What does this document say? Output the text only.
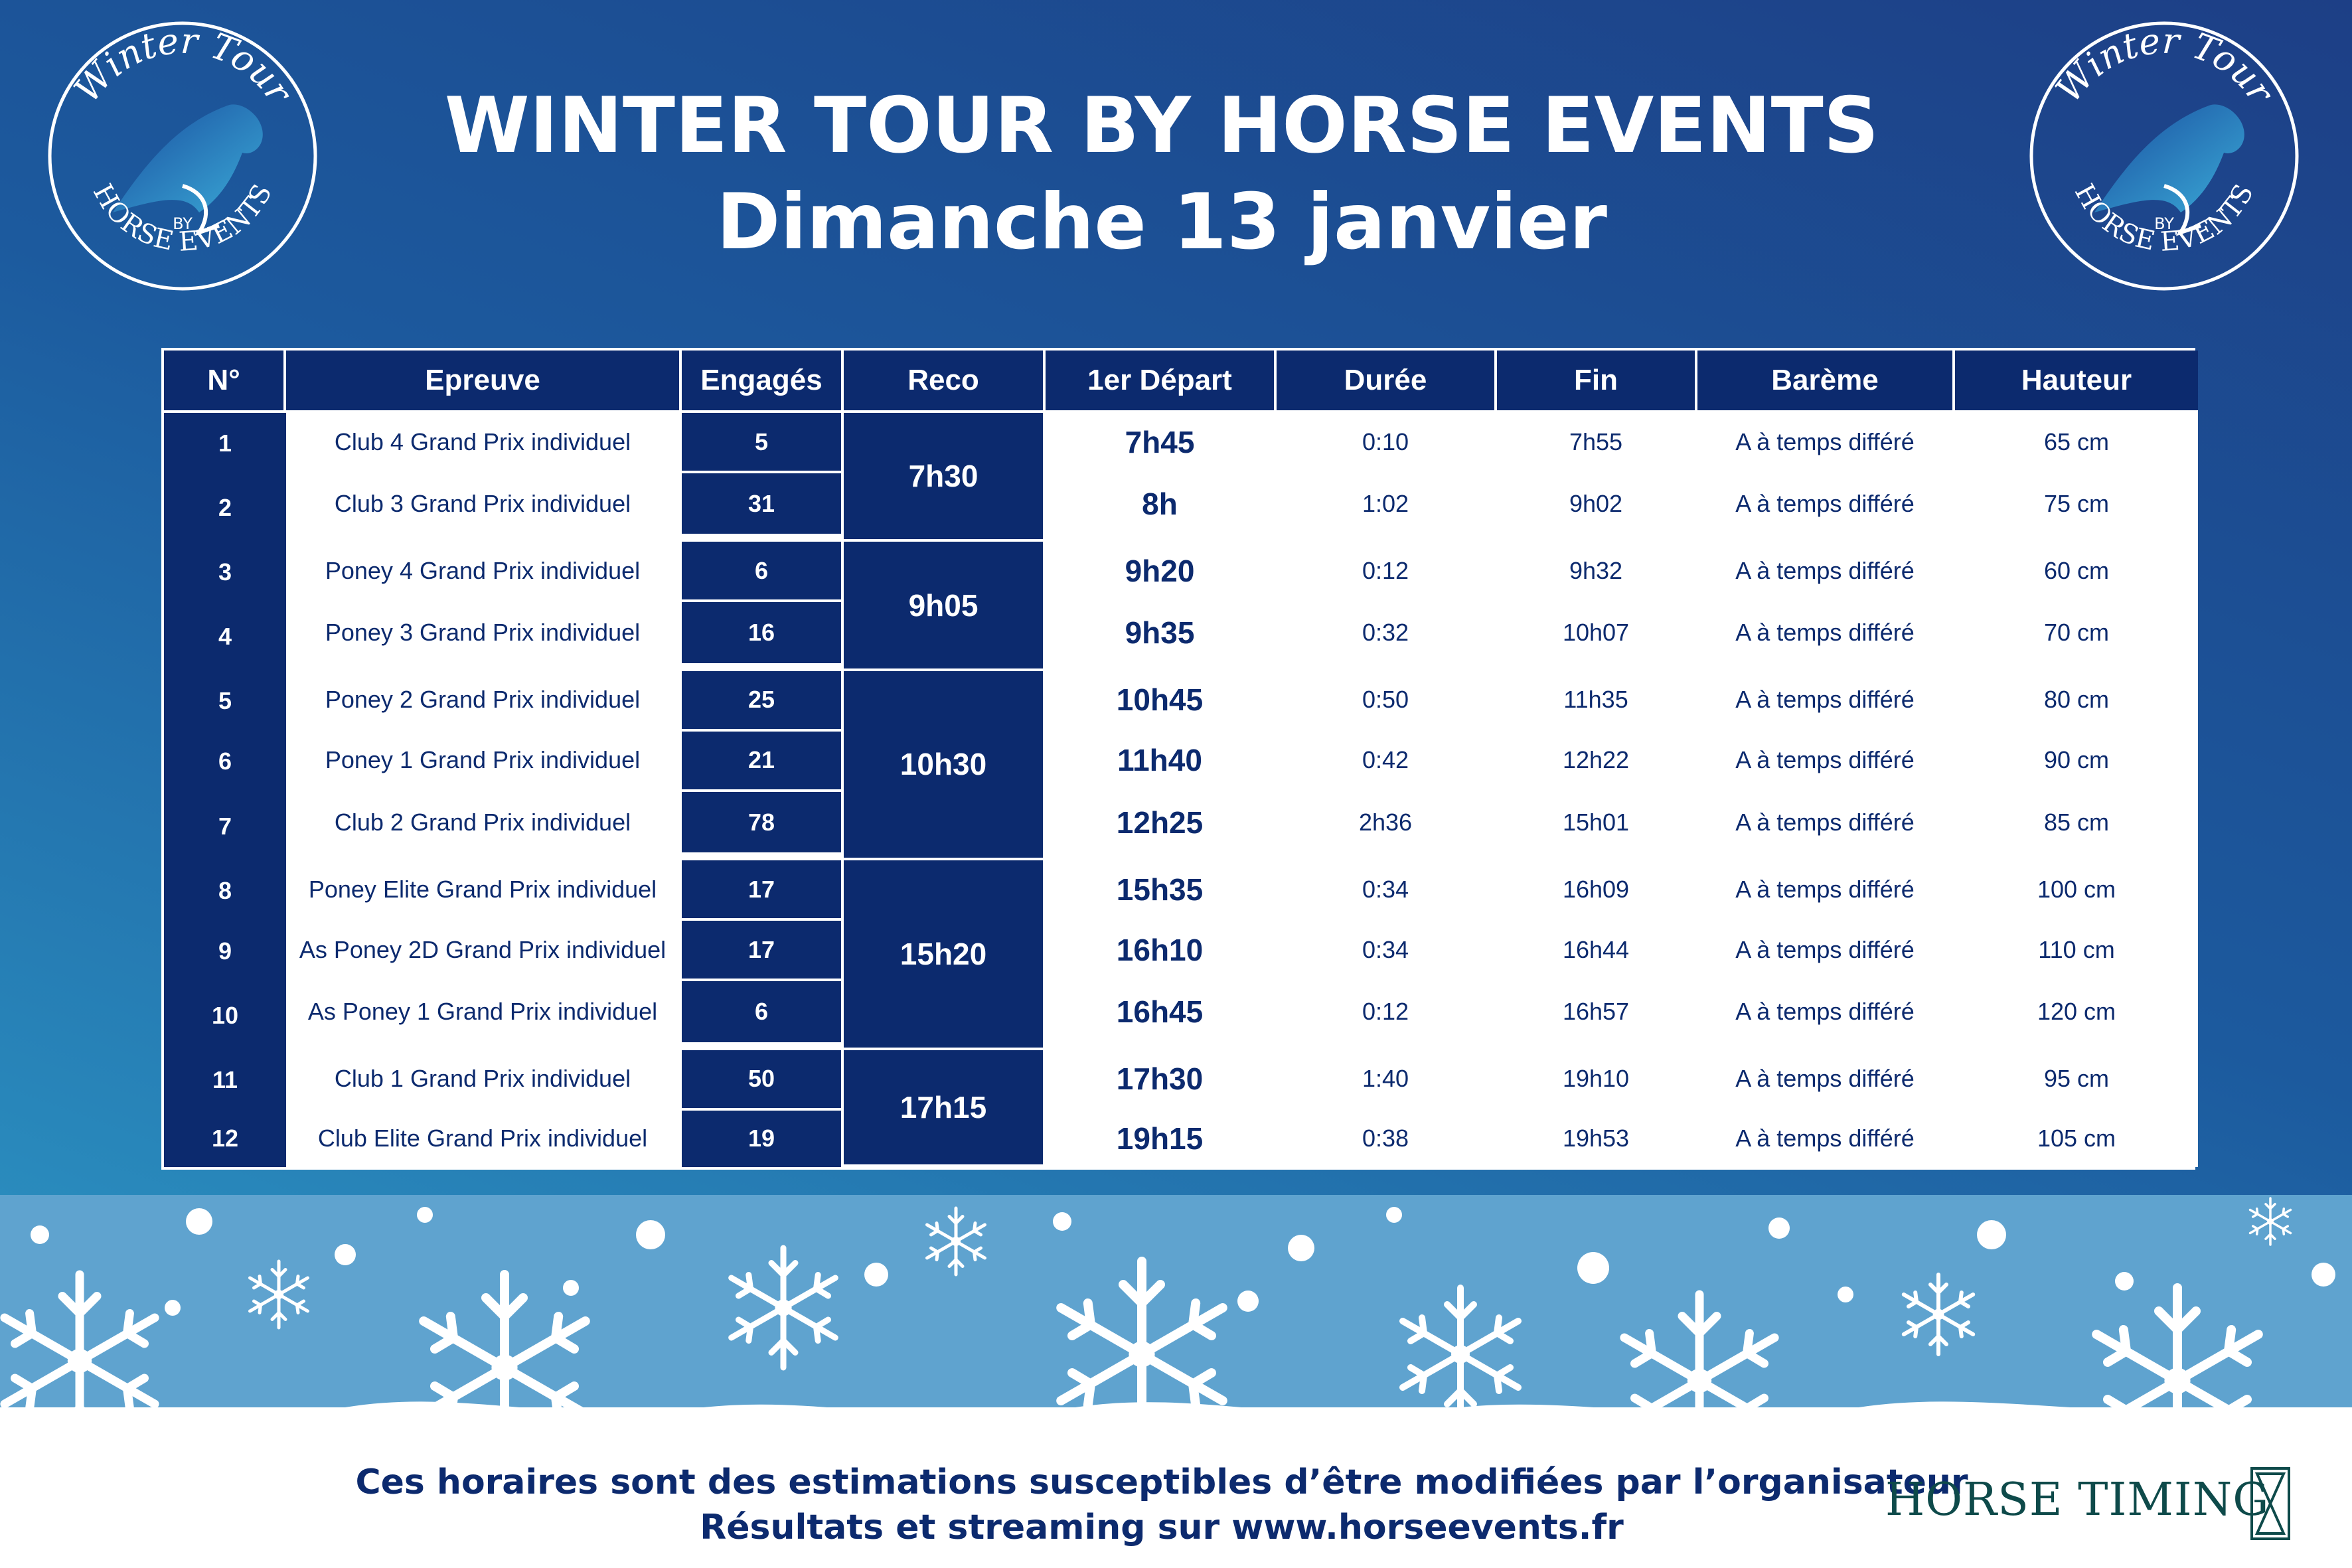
WINTER TOUR BY HORSE EVENTS
Dimanche 13 janvier
Winter Tour
BY
HORSE EVENTS
Winter Tour
BY
HORSE EVENTS
N°	Epreuve	Engagés	Reco	1er Départ	Durée	Fin	Barème	Hauteur
1	Club 4 Grand Prix individuel	5	7h30	7h45	0:10	7h55	A à temps différé	65 cm
2	Club 3 Grand Prix individuel	31		8h	1:02	9h02	A à temps différé	75 cm
3	Poney 4 Grand Prix individuel	6	9h05	9h20	0:12	9h32	A à temps différé	60 cm
4	Poney 3 Grand Prix individuel	16		9h35	0:32	10h07	A à temps différé	70 cm
5	Poney 2 Grand Prix individuel	25	10h30	10h45	0:50	11h35	A à temps différé	80 cm
6	Poney 1 Grand Prix individuel	21		11h40	0:42	12h22	A à temps différé	90 cm
7	Club 2 Grand Prix individuel	78		12h25	2h36	15h01	A à temps différé	85 cm
8	Poney Elite Grand Prix individuel	17	15h20	15h35	0:34	16h09	A à temps différé	100 cm
9	As Poney 2D Grand Prix individuel	17		16h10	0:34	16h44	A à temps différé	110 cm
10	As Poney 1 Grand Prix individuel	6		16h45	0:12	16h57	A à temps différé	120 cm
11	Club 1 Grand Prix individuel	50	17h15	17h30	1:40	19h10	A à temps différé	95 cm
12	Club Elite Grand Prix individuel	19		19h15	0:38	19h53	A à temps différé	105 cm
Ces horaires sont des estimations susceptibles d’être modifiées par l’organisateur
Résultats et streaming sur www.horseevents.fr
HORSE TIMING
